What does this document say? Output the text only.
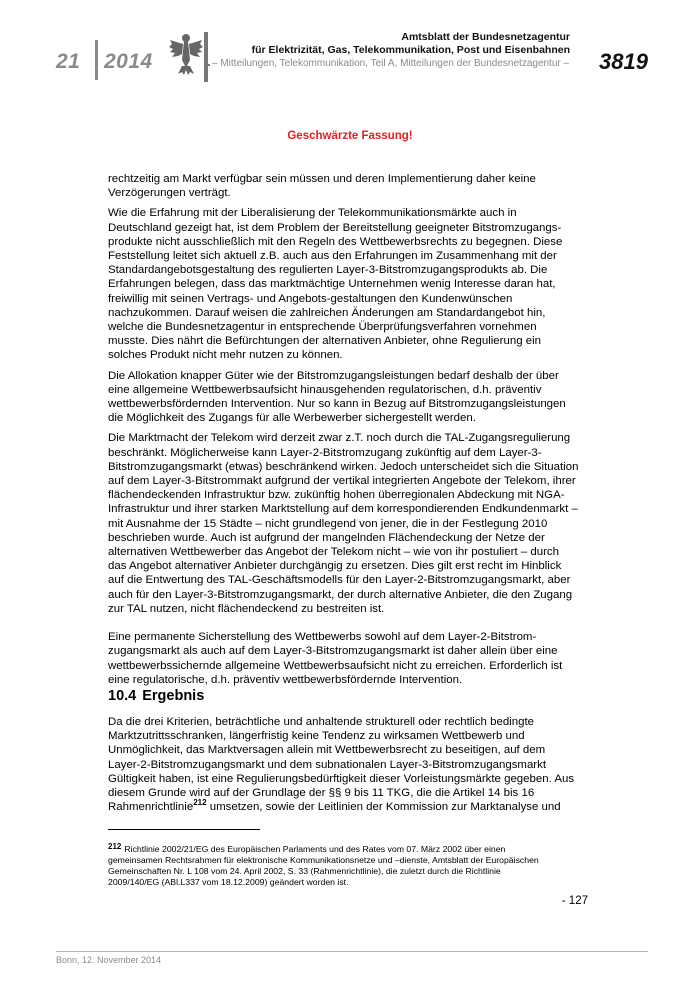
21 2014
Amtsblatt der Bundesnetzagentur
für Elektrizität, Gas, Telekommunikation, Post und Eisenbahnen
– Mitteilungen, Telekommunikation, Teil A, Mitteilungen der Bundesnetzagentur – 3819
Geschwärzte Fassung!

rechtzeitig am Markt verfügbar sein müssen und deren Implementierung daher keine
Verzögerungen verträgt.

Wie die Erfahrung mit der Liberalisierung der Telekommunikationsmärkte auch in
Deutschland gezeigt hat, ist dem Problem der Bereitstellung geeigneter Bitstromzugangs-
produkte nicht ausschließlich mit den Regeln des Wettbewerbsrechts zu begegnen. Diese
Feststellung leitet sich aktuell z.B. auch aus den Erfahrungen im Zusammenhang mit der
Standardangebotsgestaltung des regulierten Layer-3-Bitstromzugangsprodukts ab. Die
Erfahrungen belegen, dass das marktmächtige Unternehmen wenig Interesse daran hat,
freiwillig mit seinen Vertrags- und Angebots-gestaltungen den Kundenwünschen
nachzukommen. Darauf weisen die zahlreichen Änderungen am Standardangebot hin,
welche die Bundesnetzagentur in entsprechende Überprüfungsverfahren vornehmen
musste. Dies nährt die Befürchtungen der alternativen Anbieter, ohne Regulierung ein
solches Produkt nicht mehr nutzen zu können.

Die Allokation knapper Güter wie der Bitstromzugangsleistungen bedarf deshalb der über
eine allgemeine Wettbewerbsaufsicht hinausgehenden regulatorischen, d.h. präventiv
wettbewerbsfördernden Intervention. Nur so kann in Bezug auf Bitstromzugangsleistungen
die Möglichkeit des Zugangs für alle Werbewerber sichergestellt werden.

Die Marktmacht der Telekom wird derzeit zwar z.T. noch durch die TAL-Zugangsregulierung
beschränkt. Möglicherweise kann Layer-2-Bitstromzugang zukünftig auf dem Layer-3-
Bitstromzugangsmarkt (etwas) beschränkend wirken. Jedoch unterscheidet sich die Situation
auf dem Layer-3-Bitstrommakt aufgrund der vertikal integrierten Angebote der Telekom, ihrer
flächendeckenden Infrastruktur bzw. zukünftig hohen überregionalen Abdeckung mit NGA-
Infrastruktur und ihrer starken Marktstellung auf dem korrespondierenden Endkundenmarkt –
mit Ausnahme der 15 Städte – nicht grundlegend von jener, die in der Festlegung 2010
beschrieben wurde. Auch ist aufgrund der mangelnden Flächendeckung der Netze der
alternativen Wettbewerber das Angebot der Telekom nicht – wie von ihr postuliert – durch
das Angebot alternativer Anbieter durchgängig zu ersetzen. Dies gilt erst recht im Hinblick
auf die Entwertung des TAL-Geschäftsmodells für den Layer-2-Bitstromzugangsmarkt, aber
auch für den Layer-3-Bitstromzugangsmarkt, der durch alternative Anbieter, die den Zugang
zur TAL nutzen, nicht flächendeckend zu bestreiten ist.

Eine permanente Sicherstellung des Wettbewerbs sowohl auf dem Layer-2-Bitstrom-
zugangsmarkt als auch auf dem Layer-3-Bitstromzugangsmarkt ist daher allein über eine
wettbewerbssichernde allgemeine Wettbewerbsaufsicht nicht zu erreichen. Erforderlich ist
eine regulatorische, d.h. präventiv wettbewerbsfördernde Intervention.

10.4 Ergebnis
Da die drei Kriterien, beträchtliche und anhaltende strukturell oder rechtlich bedingte
Marktzutrittsschranken, längerfristig keine Tendenz zu wirksamen Wettbewerb und
Unmöglichkeit, das Marktversagen allein mit Wettbewerbsrecht zu beseitigen, auf dem
Layer-2-Bitstromzugangsmarkt und dem subnationalen Layer-3-Bitstromzugangsmarkt
Gültigkeit haben, ist eine Regulierungsbedürftigkeit dieser Vorleistungsmärkte gegeben. Aus
diesem Grunde wird auf der Grundlage der §§ 9 bis 11 TKG, die die Artikel 14 bis 16
Rahmenrichtlinie$^{212}$ umsetzen, sowie der Leitlinien der Kommission zur Marktanalyse und
212 Richtlinie 2002/21/EG des Europäischen Parlaments und des Rates vom 07. März 2002 über einen
gemeinsamen Rechtsrahmen für elektronische Kommunikationsnetze und –dienste, Amtsblatt der Europäischen
Gemeinschaften Nr. L 108 vom 24. April 2002, S. 33 (Rahmenrichtlinie), die zuletzt durch die Richtlinie
2009/140/EG (ABl.L337 vom 18.12.2009) geändert worden ist.
- 127
Bonn, 12. November 2014
